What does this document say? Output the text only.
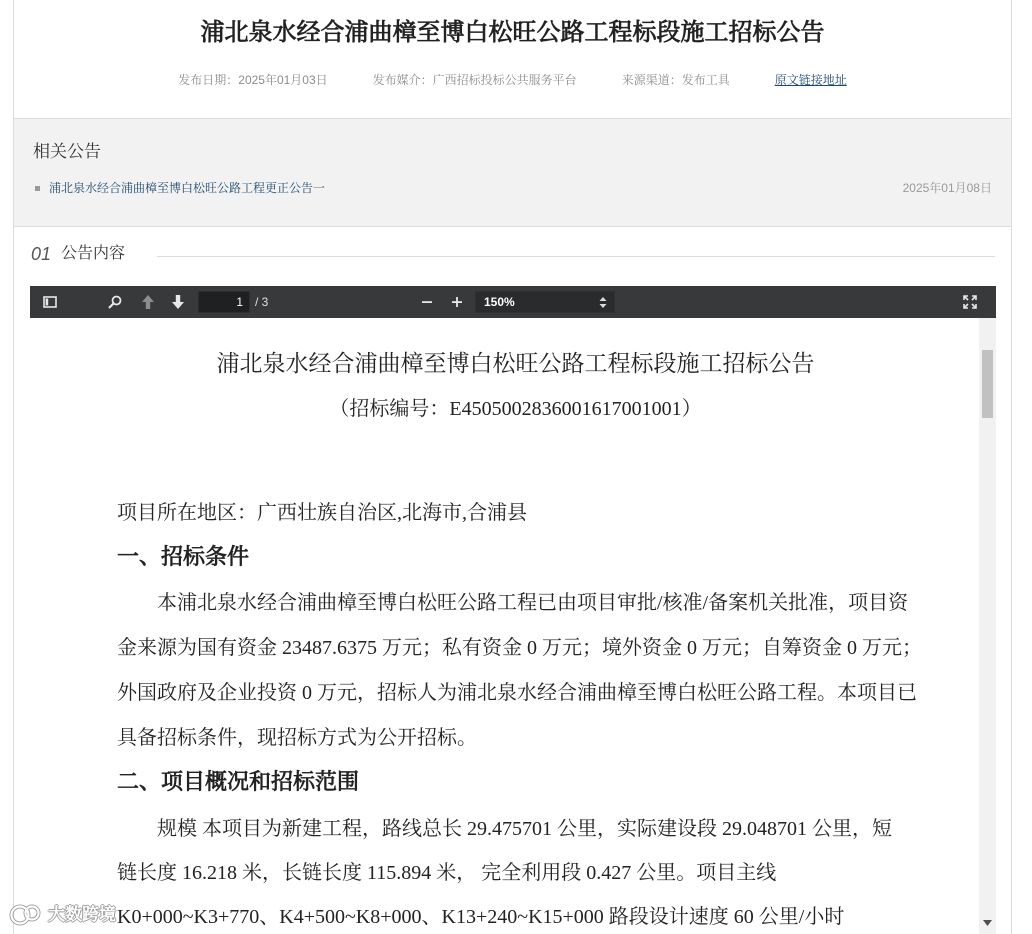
浦北泉水经合浦曲樟至博白松旺公路工程标段施工招标公告
发布日期：2025年01月03日	发布媒介：广西招标投标公共服务平台	来源渠道：发布工具	原文链接地址
相关公告
浦北泉水经合浦曲樟至博白松旺公路工程更正公告一	2025年01月08日
01 公告内容
1
/ 3	150%
浦北泉水经合浦曲樟至博白松旺公路工程标段施工招标公告
（招标编号：E4505002836001617001001）
项目所在地区：广西壮族自治区,北海市,合浦县
一、招标条件
本浦北泉水经合浦曲樟至博白松旺公路工程已由项目审批/核准/备案机关批准，项目资
金来源为国有资金 23487.6375 万元；私有资金 0 万元；境外资金 0 万元；自筹资金 0 万元；
外国政府及企业投资 0 万元，招标人为浦北泉水经合浦曲樟至博白松旺公路工程。本项目已
具备招标条件，现招标方式为公开招标。
二、项目概况和招标范围
规模 本项目为新建工程，路线总长 29.475701 公里，实际建设段 29.048701 公里，短
链长度 16.218 米，长链长度 115.894 米， 完全利用段 0.427 公里。项目主线
K0+000~K3+770、K4+500~K8+000、K13+240~K15+000 路段设计速度 60 公里/小时
大数跨境
